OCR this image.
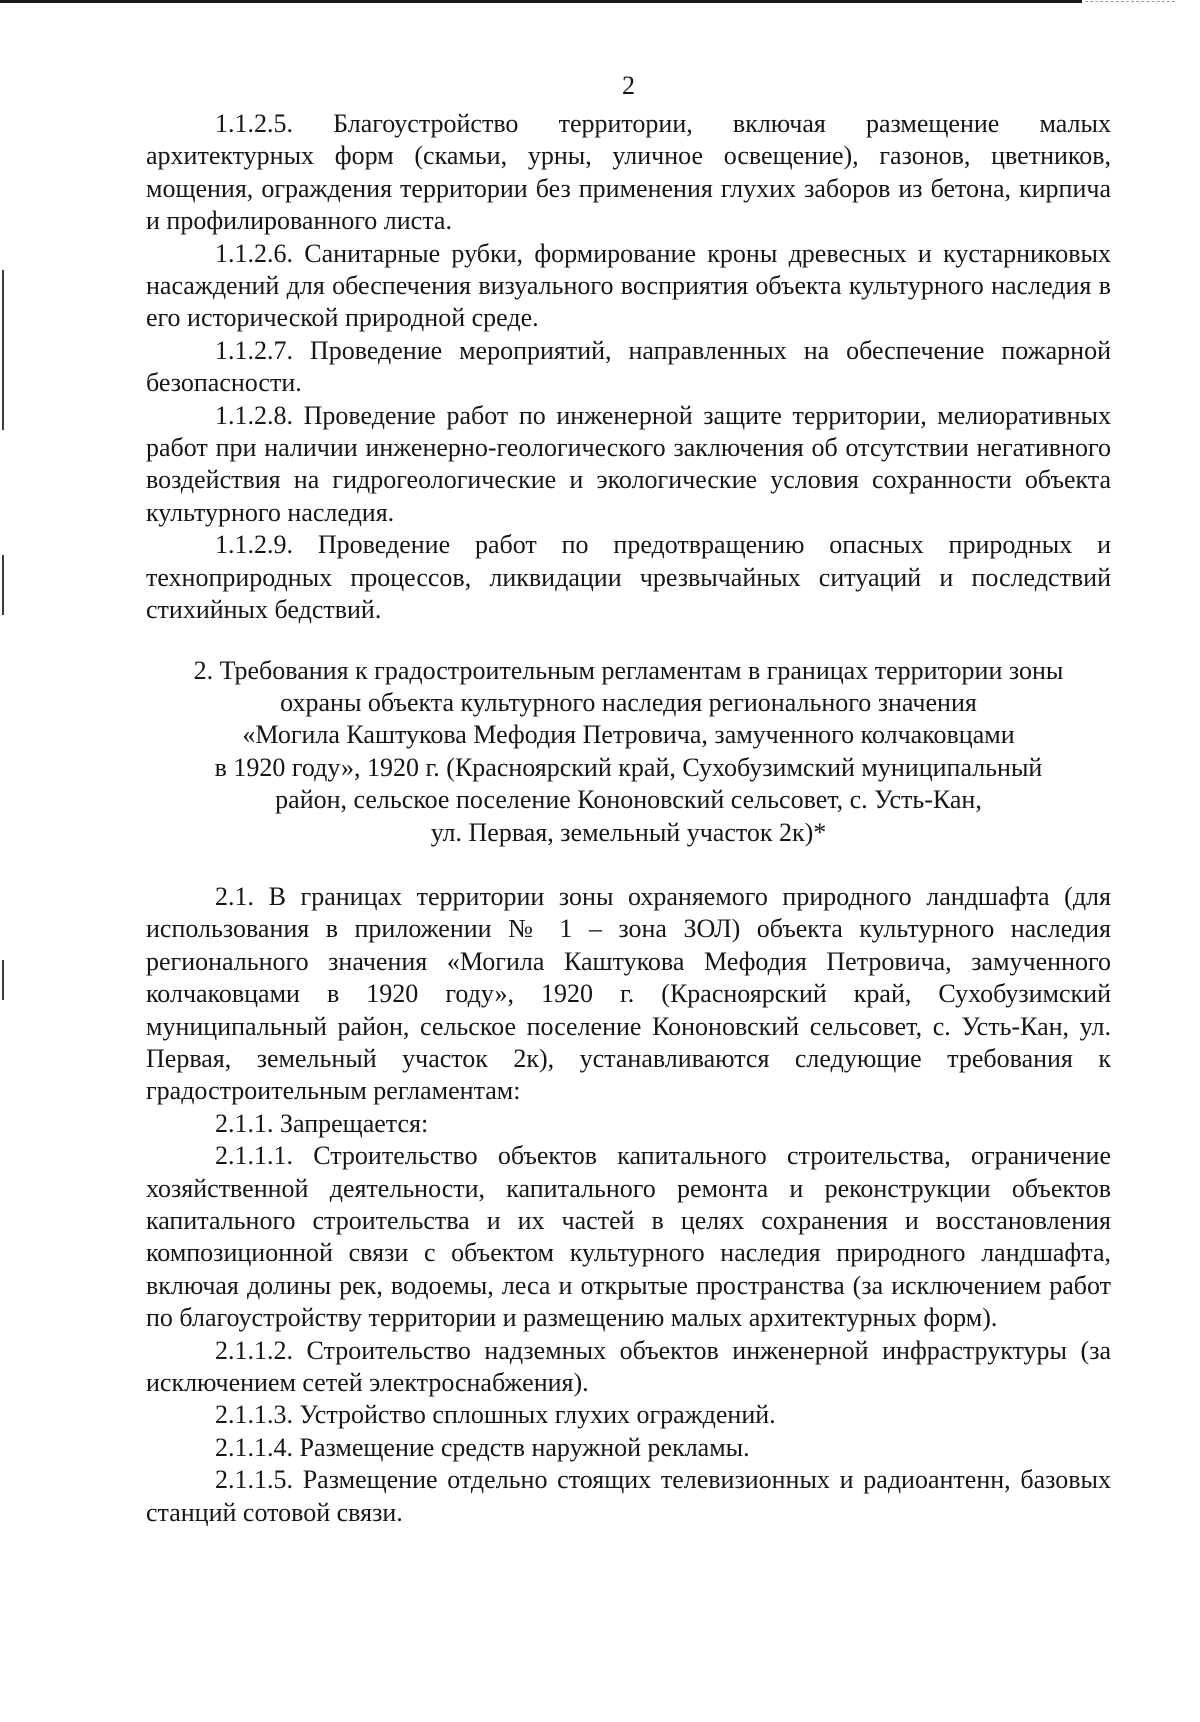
2

1.1.2.5. Благоустройство территории, включая размещение малых архитектурных форм (скамьи, урны, уличное освещение), газонов, цветников, мощения, ограждения территории без применения глухих заборов из бетона, кирпича и профилированного листа.

1.1.2.6. Санитарные рубки, формирование кроны древесных и кустарниковых насаждений для обеспечения визуального восприятия объекта культурного наследия в его исторической природной среде.

1.1.2.7. Проведение мероприятий, направленных на обеспечение пожарной безопасности.

1.1.2.8. Проведение работ по инженерной защите территории, мелиоративных работ при наличии инженерно-геологического заключения об отсутствии негативного воздействия на гидрогеологические и экологические условия сохранности объекта культурного наследия.

1.1.2.9. Проведение работ по предотвращению опасных природных и технoприродных процессов, ликвидации чрезвычайных ситуаций и последствий стихийных бедствий.

2. Требования к градостроительным регламентам в границах территории зоны
охраны объекта культурного наследия регионального значения
«Могила Каштукова Мефодия Петровича, замученного колчаковцами
в 1920 году», 1920 г. (Красноярский край, Сухобузимский муниципальный
район, сельское поселение Кононовский сельсовет, с. Усть-Кан,
ул. Первая, земельный участок 2к)*

2.1. В границах территории зоны охраняемого природного ландшафта (для использования в приложении № 1 – зона ЗОЛ) объекта культурного наследия регионального значения «Могила Каштукова Мефодия Петровича, замученного колчаковцами в 1920 году», 1920 г. (Красноярский край, Сухобузимский муниципальный район, сельское поселение Кононовский сельсовет, с. Усть-Кан, ул. Первая, земельный участок 2к), устанавливаются следующие требования к градостроительным регламентам:

2.1.1. Запрещается:

2.1.1.1. Строительство объектов капитального строительства, ограничение хозяйственной деятельности, капитального ремонта и реконструкции объектов капитального строительства и их частей в целях сохранения и восстановления композиционной связи с объектом культурного наследия природного ландшафта, включая долины рек, водоемы, леса и открытые пространства (за исключением работ по благоустройству территории и размещению малых архитектурных форм).

2.1.1.2. Строительство надземных объектов инженерной инфраструктуры (за исключением сетей электроснабжения).

2.1.1.3. Устройство сплошных глухих ограждений.

2.1.1.4. Размещение средств наружной рекламы.

2.1.1.5. Размещение отдельно стоящих телевизионных и радиоантенн, базовых станций сотовой связи.
